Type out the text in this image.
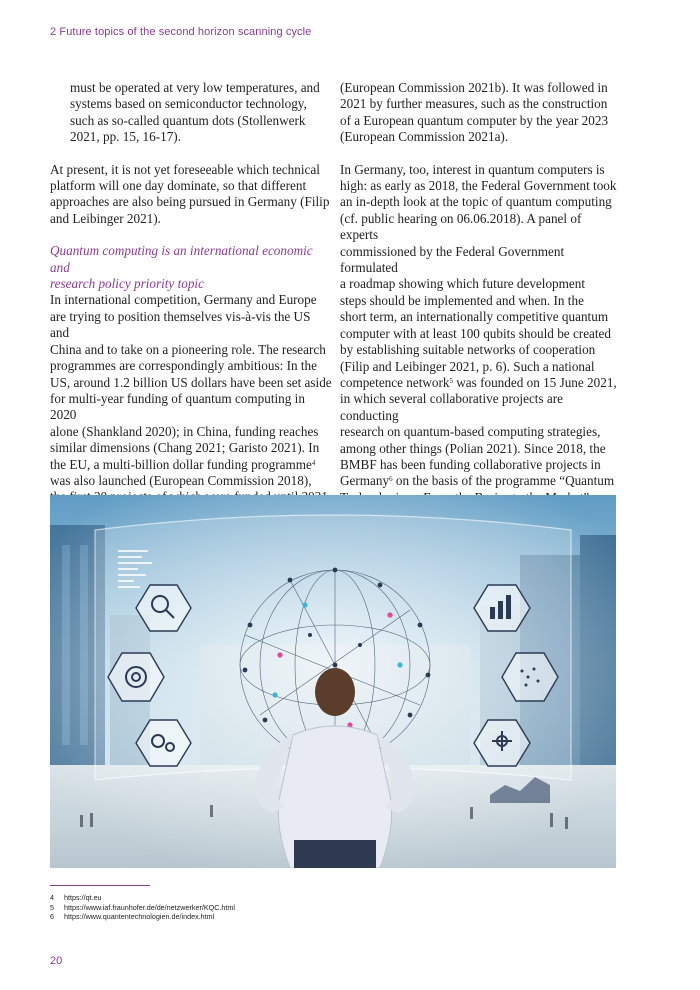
2 Future topics of the second horizon scanning cycle

must be operated at very low temperatures, and

systems based on semiconductor technology,

such as so-called quantum dots (Stollenwerk

2021, pp. 15, 16-17).

At present, it is not yet foreseeable which technical

platform will one day dominate, so that different

approaches are also being pursued in Germany (Filip

and Leibinger 2021).

Quantum computing is an international economic and

research policy priority topic

In international competition, Germany and Europe

are trying to position themselves vis-à-vis the US and

China and to take on a pioneering role. The research

programmes are correspondingly ambitious: In the

US, around 1.2 billion US dollars have been set aside

for multi-year funding of quantum computing in 2020

alone (Shankland 2020); in China, funding reaches

similar dimensions (Chang 2021; Garisto 2021). In

the EU, a multi-billion dollar funding programme$^4$

was also launched (European Commission 2018),

(European Commission 2021b). It was followed in

2021 by further measures, such as the construction

of a European quantum computer by the year 2023

(European Commission 2021a).

In Germany, too, interest in quantum computers is

high: as early as 2018, the Federal Government took

an in-depth look at the topic of quantum computing

(cf. public hearing on 06.06.2018). A panel of experts

commissioned by the Federal Government formulated

a roadmap showing which future development

steps should be implemented and when. In the

short term, an internationally competitive quantum

computer with at least 100 qubits should be created

by establishing suitable networks of cooperation

(Filip and Leibinger 2021, p. 6). Such a national

competence network$^5$ was founded on 15 June 2021,

in which several collaborative projects are conducting

research on quantum-based computing strategies,

among other things (Polian 2021). Since 2018, the

BMBF has been funding collaborative projects in

Germany$^6$ on the basis of the programme “Quantum

4 https://qt.eu
5 https://www.iaf.fraunhofer.de/de/netzwerker/KQC.html
6 https://www.quantentechnologien.de/index.html
20
